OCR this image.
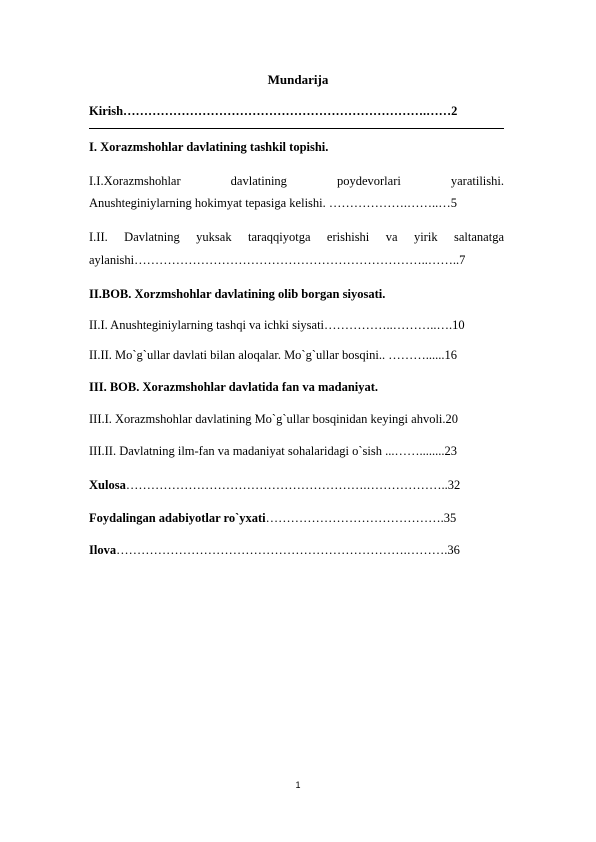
Mundarija
Kirish……………………………………………………………….……2
I. Xorazmshohlar davlatining tashkil topishi.
I.I.Xorazmshohlar davlatining poydevorlari yaratilishi.
Anushteginiylarning hokimyat tepasiga kelishi. ……………….……..…5
I.II. Davlatning yuksak taraqqiyotga erishishi va yirik saltanatga
aylanishi……………………………………………………………..……..7
II.BOB. Xorzmshohlar davlatining olib borgan siyosati.
II.I. Anushteginiylarning tashqi va ichki siysati……………..………..….10
II.II. Mo`g`ullar davlati bilan aloqalar. Mo`g`ullar bosqini.. ………......16
III. BOB. Xorazmshohlar davlatida fan va madaniyat.
III.I. Xorazmshohlar davlatining Mo`g`ullar bosqinidan keyingi ahvoli.20
III.II. Davlatning ilm-fan va madaniyat sohalaridagi o`sish ...……........23
Xulosa………………………………………………….………………..32
Foydalingan adabiyotlar ro`yxati…………………………………….35
Ilova…………………………………………………………….……….36
1
